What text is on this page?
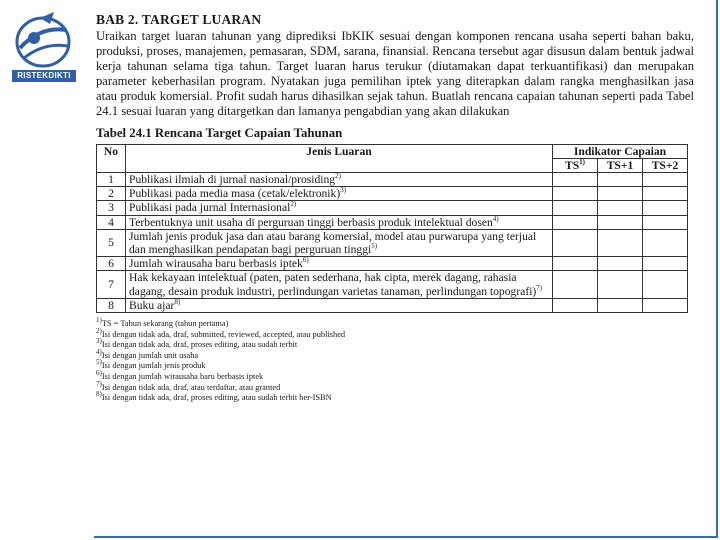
RISTEKDIKTI
BAB 2. TARGET LUARAN

Uraikan target luaran tahunan yang diprediksi IbKIK sesuai dengan komponen rencana usaha seperti bahan baku, produksi, proses, manajemen, pemasaran, SDM, sarana, finansial. Rencana tersebut agar disusun dalam bentuk jadwal kerja tahunan selama tiga tahun. Target luaran harus terukur (diutamakan dapat terkuantifikasi) dan merupakan parameter keberhasilan program. Nyatakan juga pemilihan iptek yang diterapkan dalam rangka menghasilkan jasa atau produk komersial. Profit sudah harus dihasilkan sejak tahun. Buatlah rencana capaian tahunan seperti pada Tabel 24.1 sesuai luaran yang ditargetkan dan lamanya pengabdian yang akan dilakukan

Tabel 24.1 Rencana Target Capaian Tahunan
No	Jenis Luaran	Indikator Capaian		
		TS$^{1)}$	TS+1	TS+2
1	Publikasi ilmiah di jurnal nasional/prosiding$^{2)}$			
2	Publikasi pada media masa (cetak/elektronik)$^{3)}$			
3	Publikasi pada jurnal Internasional$^{2)}$			
4	Terbentuknya unit usaha di perguruan tinggi berbasis produk intelektual dosen$^{4)}$			
5	Jumlah jenis produk jasa dan atau barang komersial, model atau purwarupa yang terjual dan menghasilkan pendapatan bagi perguruan tinggi$^{5)}$			
6	Jumlah wirausaha baru berbasis iptek$^{6)}$			
7	Hak kekayaan intelektual (paten, paten sederhana, hak cipta, merek dagang, rahasia dagang, desain produk industri, perlindungan varietas tanaman, perlindungan topografi)$^{7)}$			
8	Buku ajar$^{8)}$			
$^{1)}$TS = Tahun sekarang (tahun pertama)
$^{2)}$Isi dengan tidak ada, draf, submitted, reviewed, accepted, atau published
$^{3)}$Isi dengan tidak ada, draf, proses editing, atau sudah terbit
$^{4)}$Isi dengan jumlah unit usaha
$^{5)}$Isi dengan jumlah jenis produk
$^{6)}$Isi dengan jumlah wirausaha baru berbasis iptek
$^{7)}$Isi dengan tidak ada, draf, atau terdaftar, atau granted
$^{8)}$Isi dengan tidak ada, draf, proses editing, atau sudah terbit ber-ISBN
